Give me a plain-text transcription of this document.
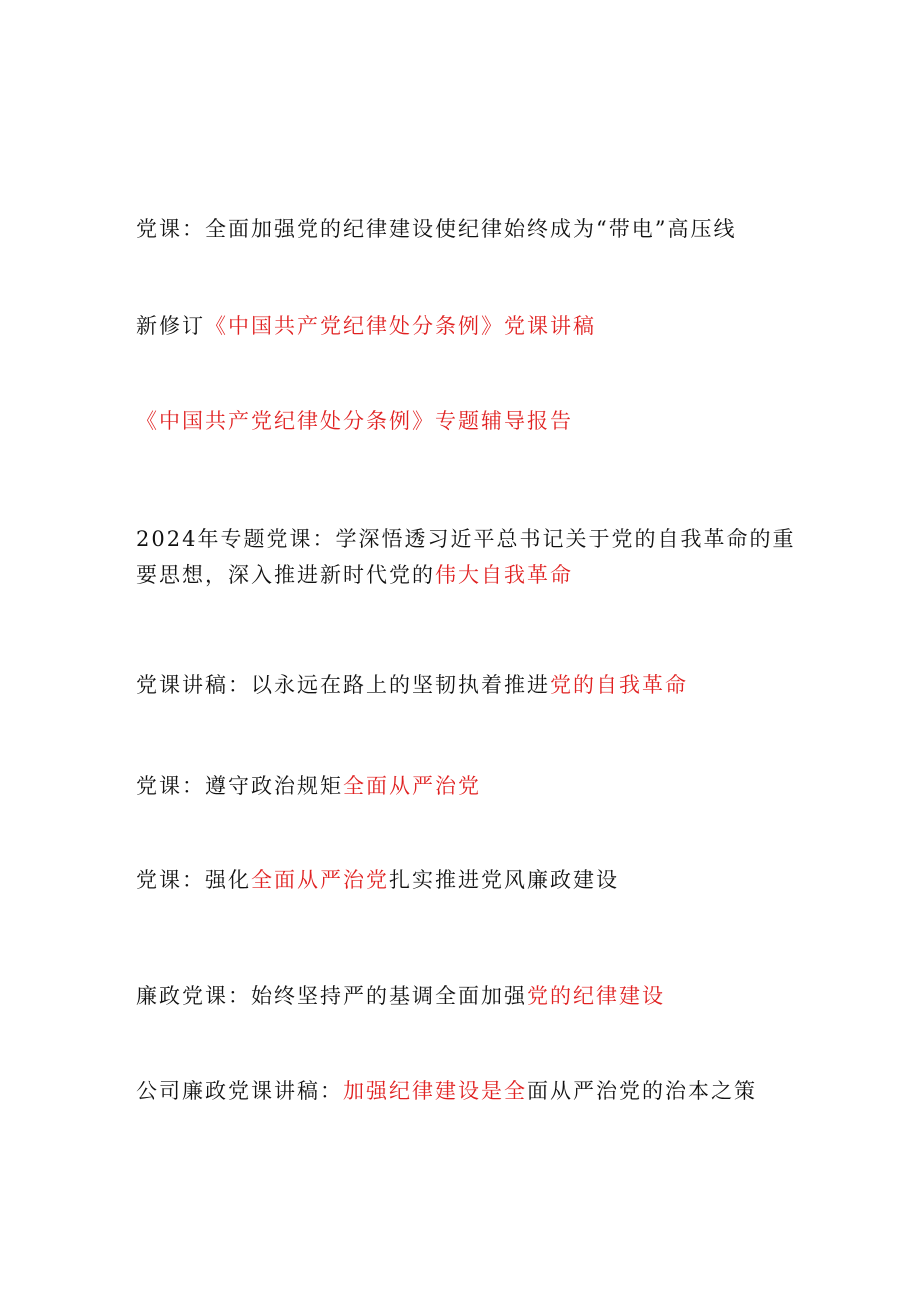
党课：全面加强党的纪律建设使纪律始终成为“带电”高压线
新修订《中国共产党纪律处分条例》党课讲稿
《中国共产党纪律处分条例》专题辅导报告
2024年专题党课：学深悟透习近平总书记关于党的自我革命的重要思想，深入推进新时代党的伟大自我革命
党课讲稿：以永远在路上的坚韧执着推进党的自我革命
党课：遵守政治规矩全面从严治党
党课：强化全面从严治党扎实推进党风廉政建设
廉政党课：始终坚持严的基调全面加强党的纪律建设
公司廉政党课讲稿：加强纪律建设是全面从严治党的治本之策
